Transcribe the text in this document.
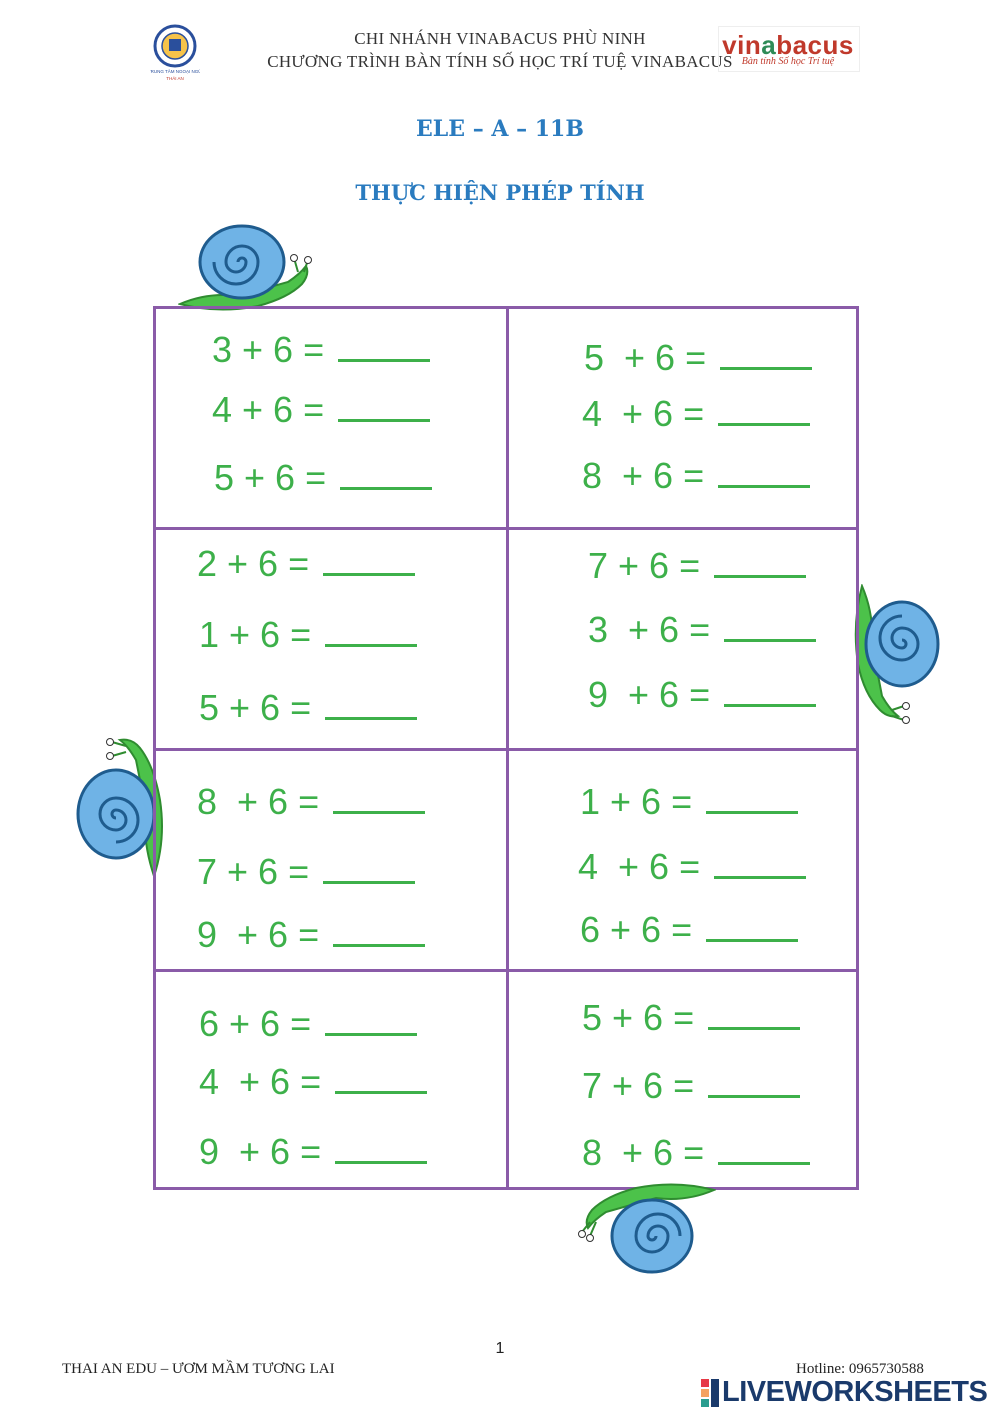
TRUNG TÂM NGOẠI NGỮ
THÁI AN
CHI NHÁNH VINABACUS PHÙ NINH
CHƯƠNG TRÌNH BÀN TÍNH SỐ HỌC TRÍ TUỆ VINABACUS
vinabacus
Bàn tính Số học Trí tuệ
ELE – A – 11B
THỰC HIỆN PHÉP TÍNH
3 + 6 =
4 + 6 =
5 + 6 =
5  + 6 =
4  + 6 =
8  + 6 =
2 + 6 =
1 + 6 =
5 + 6 =
7 + 6 =
3  + 6 =
9  + 6 =
8  + 6 =
7 + 6 =
9  + 6 =
1 + 6 =
4  + 6 =
6 + 6 =
6 + 6 =
4  + 6 =
9  + 6 =
5 + 6 =
7 + 6 =
8  + 6 =
1
THAI AN EDU – ƯƠM MẦM TƯƠNG LAI	Hotline: 0965730588
LIVEWORKSHEETS
